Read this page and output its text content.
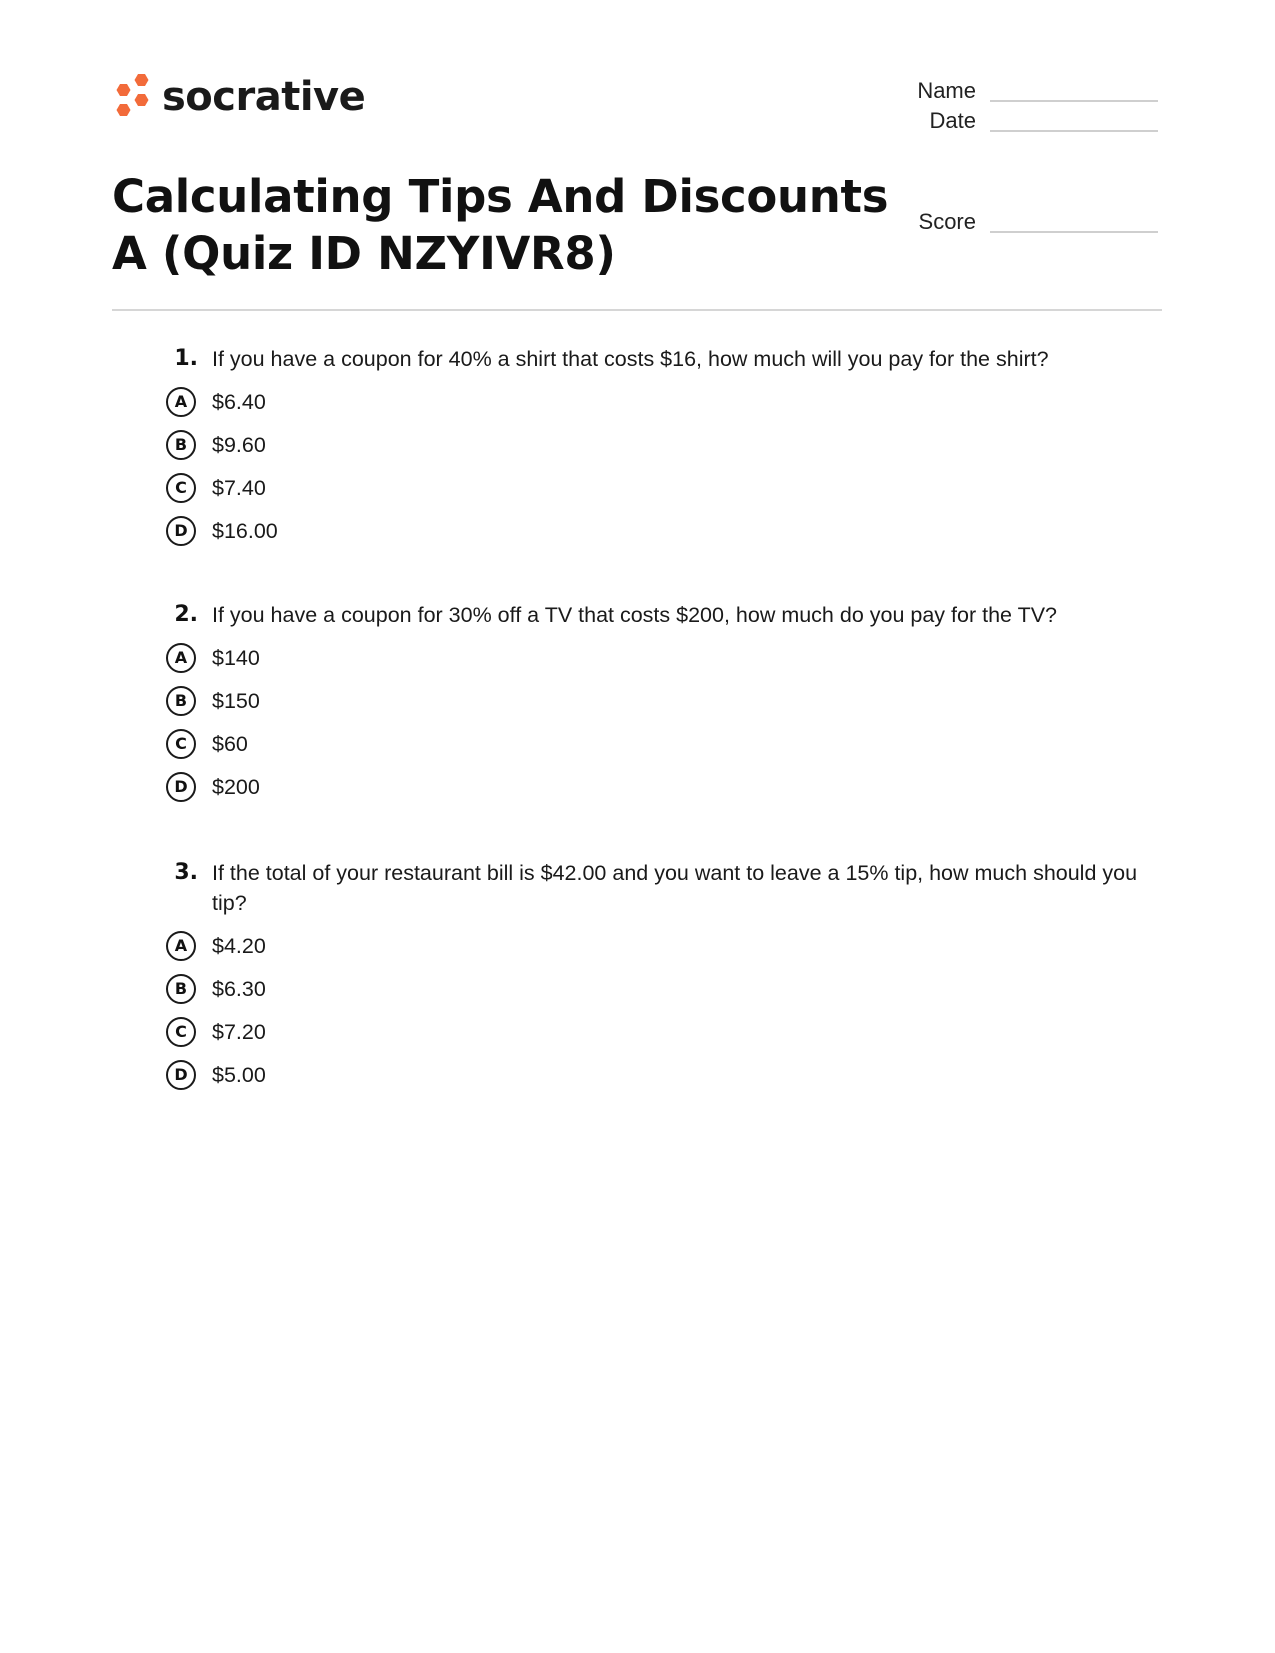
socrative	Name
Date
Score
Calculating Tips And Discounts A (Quiz ID NZYIVR8)
1. If you have a coupon for 40% a shirt that costs $16, how much will you pay for the shirt?
A	$6.40
B	$9.60
C	$7.40
D	$16.00
2. If you have a coupon for 30% off a TV that costs $200, how much do you pay for the TV?
A	$140
B	$150
C	$60
D	$200
3. If the total of your restaurant bill is $42.00 and you want to leave a 15% tip, how much should you tip?
A	$4.20
B	$6.30
C	$7.20
D	$5.00
